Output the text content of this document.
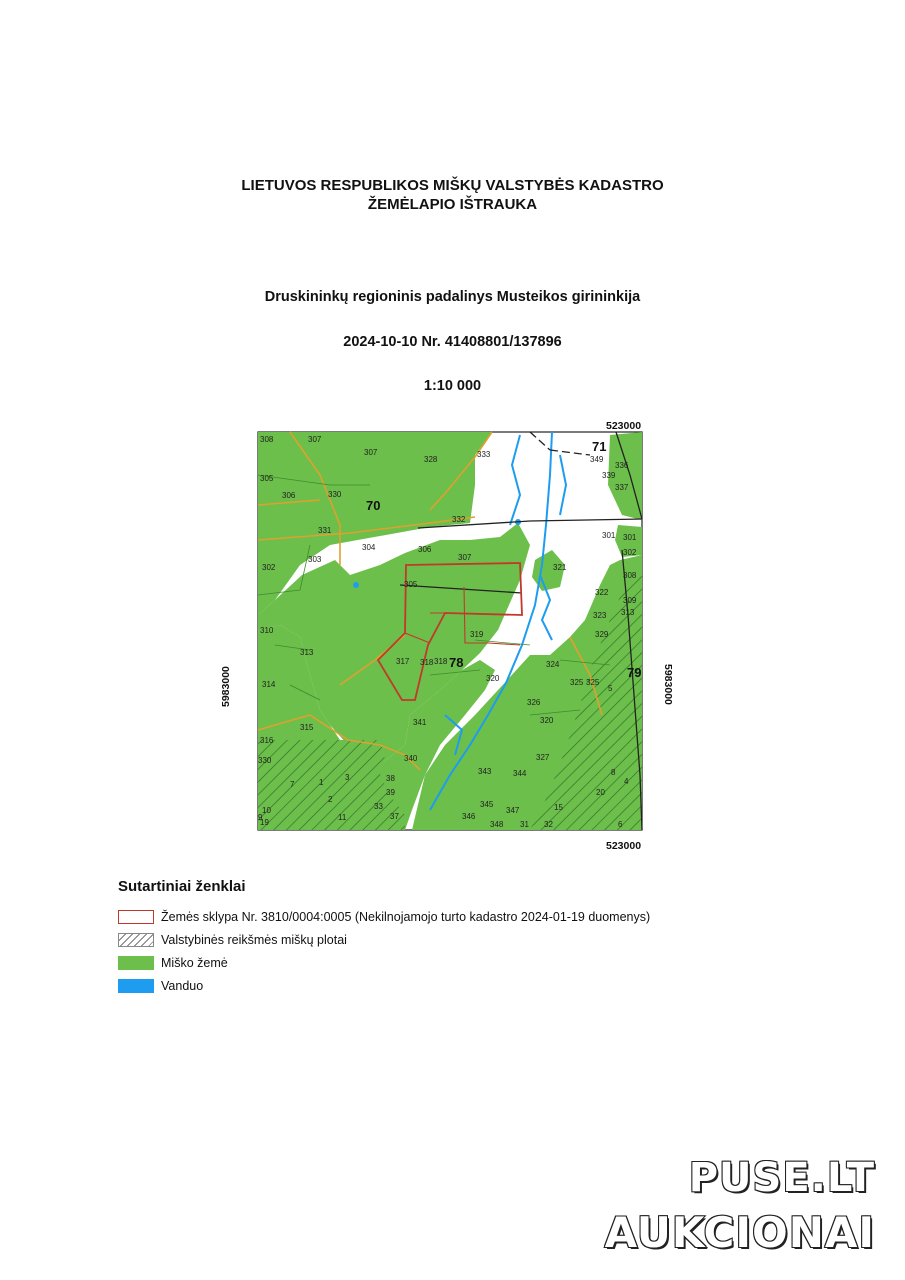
LIETUVOS RESPUBLIKOS MIŠKŲ VALSTYBĖS KADASTRO
ŽEMĖLAPIO IŠTRAUKA
Druskininkų regioninis padalinys Musteikos girininkija
2024-10-10 Nr. 41408801/137896
1:10 000
70
71
78
79
308	307
307
328
333
349
336
337
339
305
306	330
332
331
304	306
307
302
303
321
301
302
308
309
313
322
323
301
310
305
319	329
318
317 318
320
324
325
314
313
326
325
315
341	320
316
330	340
343	344
327
38
39
345
346
347
348 31 32
33
37
19
15
20
5
8
1
2
4
6
7
9
10
3
11
523000
523000
5983000	5983000
Sutartiniai ženklai
Žemės sklypa Nr. 3810/0004:0005 (Nekilnojamojo turto kadastro 2024-01-19 duomenys)
Valstybinės reikšmės miškų plotai
Miško žemė
Vanduo
PUSE.LT
AUKCIONAI
